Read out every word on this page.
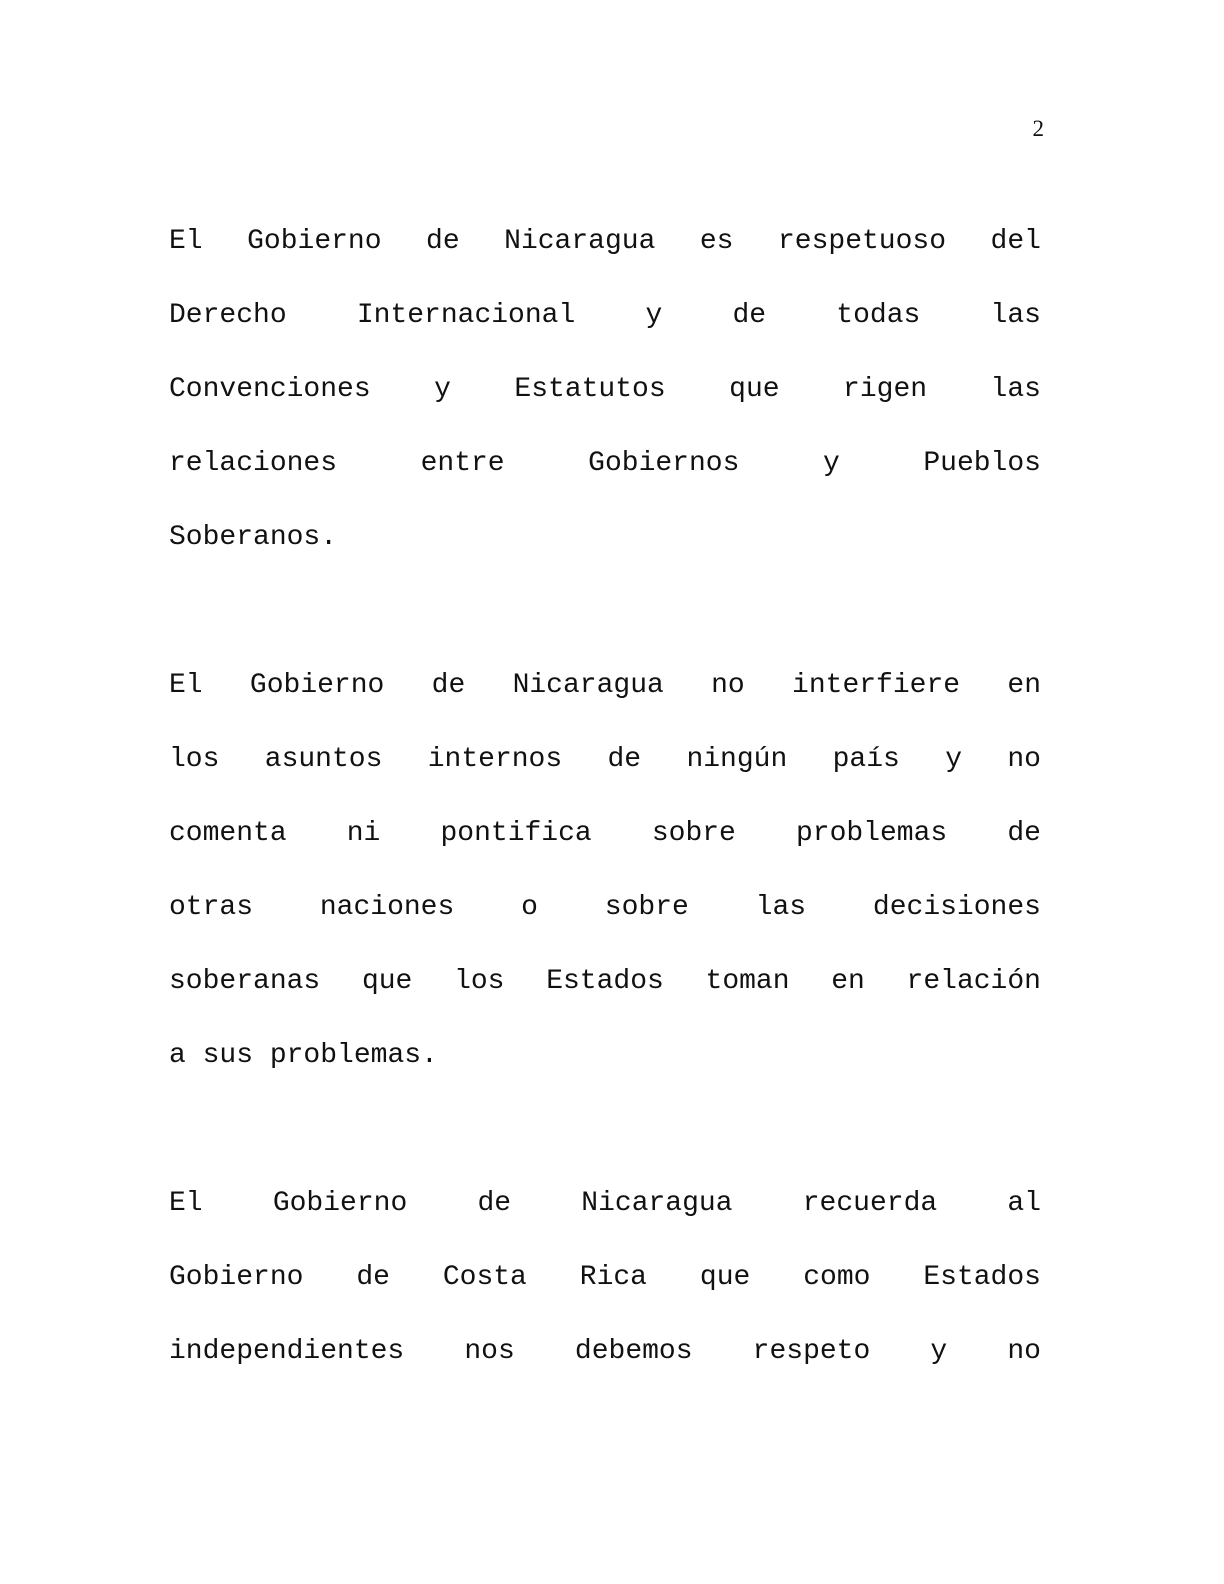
2
El Gobierno de Nicaragua es respetuoso del
Derecho	Internacional	y	de	todas	las
Convenciones y Estatutos que rigen las
relaciones	entre	Gobiernos	y	Pueblos
Soberanos.
El Gobierno de Nicaragua no interfiere en
los asuntos internos de ningún país y no
comenta ni pontifica sobre problemas de
otras naciones o sobre las decisiones
soberanas que los Estados toman en relación
a sus problemas.
El	Gobierno	de	Nicaragua	recuerda	al
Gobierno de Costa Rica que como Estados
independientes nos debemos respeto y no
